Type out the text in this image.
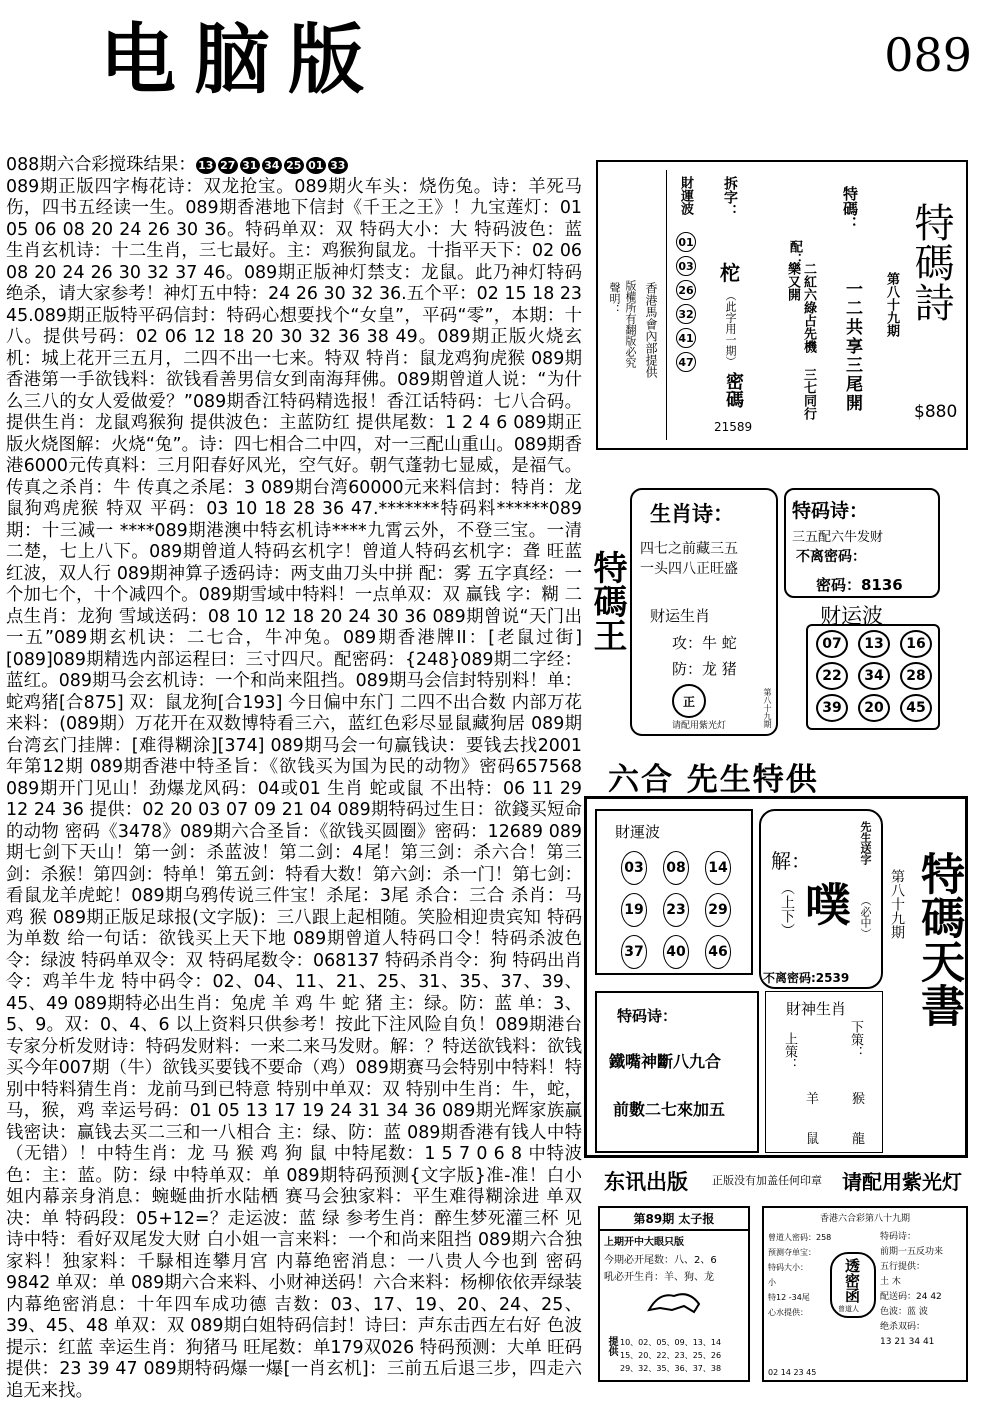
电脑版	089
088期六合彩搅珠结果： 13 27 31 34 25 01 33

089期正版四字梅花诗：双龙抢宝。089期火车头：烧伤兔。诗：羊死马伤，四书五经读一生。089期香港地下信封《千王之王》！九宝莲灯：01 05 06 08 20 24 26 30 36。特码单双：双 特码大小：大 特码波色：蓝 生肖玄机诗：十二生肖，三七最好。主：鸡猴狗鼠龙。十指平天下：02 06 08 20 24 26 30 32 37 46。089期正版神灯禁支：龙鼠。此乃神灯特码绝杀，请大家参考！神灯五中特：24 26 30 32 36.五个平：02 15 18 23 45.089期正版特平码信封：特码心想要找个“女皇”，平码“零”，本期：十八。提供号码：02 06 12 18 20 30 32 36 38 49。089期正版火烧玄机：城上花开三五月，二四不出一七来。特双 特肖：鼠龙鸡狗虎猴 089期香港第一手欲钱料：欲钱看善男信女到南海拜佛。089期曾道人说：“为什么三八的女人爱做爱？”089期香江特码精选报！香江话特码：七八合码。提供生肖：龙鼠鸡猴狗 提供波色：主蓝防红 提供尾数：1 2 4 6 089期正版火烧图解：火烧“兔”。诗：四七相合二中四，对一三配山重山。089期香港6000元传真料：三月阳春好风光，空气好。朝气蓬勃七显威，是福气。传真之杀肖：牛 传真之杀尾：3 089期台湾60000元来料信封：特肖：龙鼠狗鸡虎猴 特双 平码：03 10 18 28 36 47.*******特码料******089期：十三减一 ****089期港澳中特玄机诗****九霄云外，不登三宝。一清二楚，七上八下。089期曾道人特码玄机字！曾道人特码玄机字：聋 旺蓝红波，双人行 089期神算子透码诗：两支曲刀头中拼 配：雾 五字真经：一个加七个，十个减四个。089期雪域中特料！一点单双：双 赢钱 字：糊 二点生肖：龙狗 雪域送码：08 10 12 18 20 24 30 36 089期曾说“天门出一五”089期玄机诀：二七合，牛冲兔。089期香港牌II：[老鼠过街][089]089期精选内部运程曰：三寸四尺。配密码：{248}089期二字经：蓝红。089期马会玄机诗：一个和尚来阻挡。089期马会信封特别料！单：蛇鸡猪[合875] 双：鼠龙狗[合193] 今日偏中东门 二四不出合数 内部万花来料：(089期）万花开在双数博特看三六，蓝红色彩尽显鼠藏狗居 089期台湾玄门挂牌：[难得糊涂][374] 089期马会一句赢钱诀：要钱去找2001年第12期 089期香港中特圣旨：《欲钱买为国为民的动物》密码657568 089期开门见山！劲爆龙风码：04或01 生肖 蛇或鼠 不出特：06 11 29 12 24 36 提供：02 20 03 07 09 21 04 089期特码过生日：欲錢买短命的动物 密码《3478》089期六合圣旨：《欲钱买圆圈》密码：12689 089期七剑下天山！第一剑：杀蓝波！第二剑：4尾！第三剑：杀六合！第三剑：杀猴！第四剑：特单！第五剑：特看大数！第六剑：杀一门！第七剑：看鼠龙羊虎蛇！089期乌鸦传说三件宝！杀尾：3尾 杀合：三合 杀肖：马 鸡 猴 089期正版足球报(文字版)：三八跟上起相随。笑脸相迎贵宾知 特码为单数 给一句话：欲钱买上天下地 089期曾道人特码口令！特码杀波色令：绿波 特码单双令：双 特码尾数令：068137 特码杀肖令：狗 特码出肖令：鸡羊牛龙 特中码令：02、04、11、21、25、31、35、37、39、45、49 089期特必出生肖：兔虎 羊 鸡 牛 蛇 猪 主：绿。防：蓝 单：3、5、9。双：0、4、6 以上资料只供参考！按此下注风险自负！089期港台专家分析发财诗：特码发财料：一来二来马发财。解：？特送欲钱料：欲钱买今年007期（牛）欲钱买要钱不要命（鸡）089期赛马会特别中特料！特别中特料猜生肖：龙前马到已特意 特别中单双：双 特别中生肖：牛，蛇，马，猴，鸡 幸运号码：01 05 13 17 19 24 31 34 36 089期光辉家族赢钱密诀：赢钱去买二三和一八相合 主：绿、防：蓝 089期香港有钱人中特（无错）！中特生肖：龙 马 猴 鸡 狗 鼠 中特尾数：1 5 7 0 6 8 中特波色：主：蓝。防：绿 中特单双：单 089期特码预测{文字版}准-准！白小姐内幕亲身消息：蜿蜒曲折水陆栖 赛马会独家料：平生难得糊涂进 单双决：单 特码段：05+12=？走运波：蓝 绿 参考生肖：醉生梦死灌三杯 见诗中特：看好双尾发大财 白小姐一言来料：一个和尚来阻挡 089期六合独家料！独家料：千騄相连攀月宫 内幕绝密消息：一八贵人今也到 密码9842 单双：单 089期六合来料、小财神送码！六合来料：杨柳依依弄绿装 内幕绝密消息：十年四车成功德 吉数：03、17、19、20、24、25、39、45、48 单双：双 089期白姐特码信封！诗曰：声东击西左右好 色波提示：红蓝 幸运生肖：狗猪马 旺尾数：单179双026 特码预测：大单 旺码提供：23 39 47 089期特码爆一爆[一肖玄机]：三前五后退三步，四走六追无来找。
聲明： 版權所有翻版必究 香港馬會內部提供
財運波
01
03
26
32
41
47
拆字：
柁
（此字用一期）
密碼
21589
配：
二紅六綠占先機 三七同行樂又開
特碼：
一二共享三尾開 第八十九期 特碼詩
$880
特碼王
生肖诗：
四七之前藏三五
一头四八正旺盛
财运生肖
攻：牛 蛇
防：龙 猪
正
请配用紫光灯	第八十九期
特码诗：
三五配六牛发财
不离密码：
密码：8136
财运波
07	13	16
22	34	28
39	20	45
六合 先生特供
財運波
03 08 14
19 23 29
37 40 46
解：
（上下） 噗
先生送字
（必中）
不离密码:2539
第八十九期 特碼天書
特码诗：
鐵嘴神斷八九合
前數二七來加五
財神生肖
上策：	下策：
羊	猴
鼠	龍
东讯出版 正版没有加盖任何印章 请配用紫光灯
第89期 太子报
上期开中大眼只版
今期必开尾数：八、2、6
吼必开生肖：羊、狗、龙
提供 10、02、05、09、13、14
15、20、22、23、25、26
29、32、35、36、37、38
香港六合彩第八十九期
曾道人密码：258
预测夺单宝：
特码大小：
小
特12 -34尾
心水提供：
02 14 23 45
透密函
曾道人
特码诗：
前期一五反功来
五行提供：
土 木
配送码：24 42
色波：蓝 波
绝杀双码：
13 21 34 41
